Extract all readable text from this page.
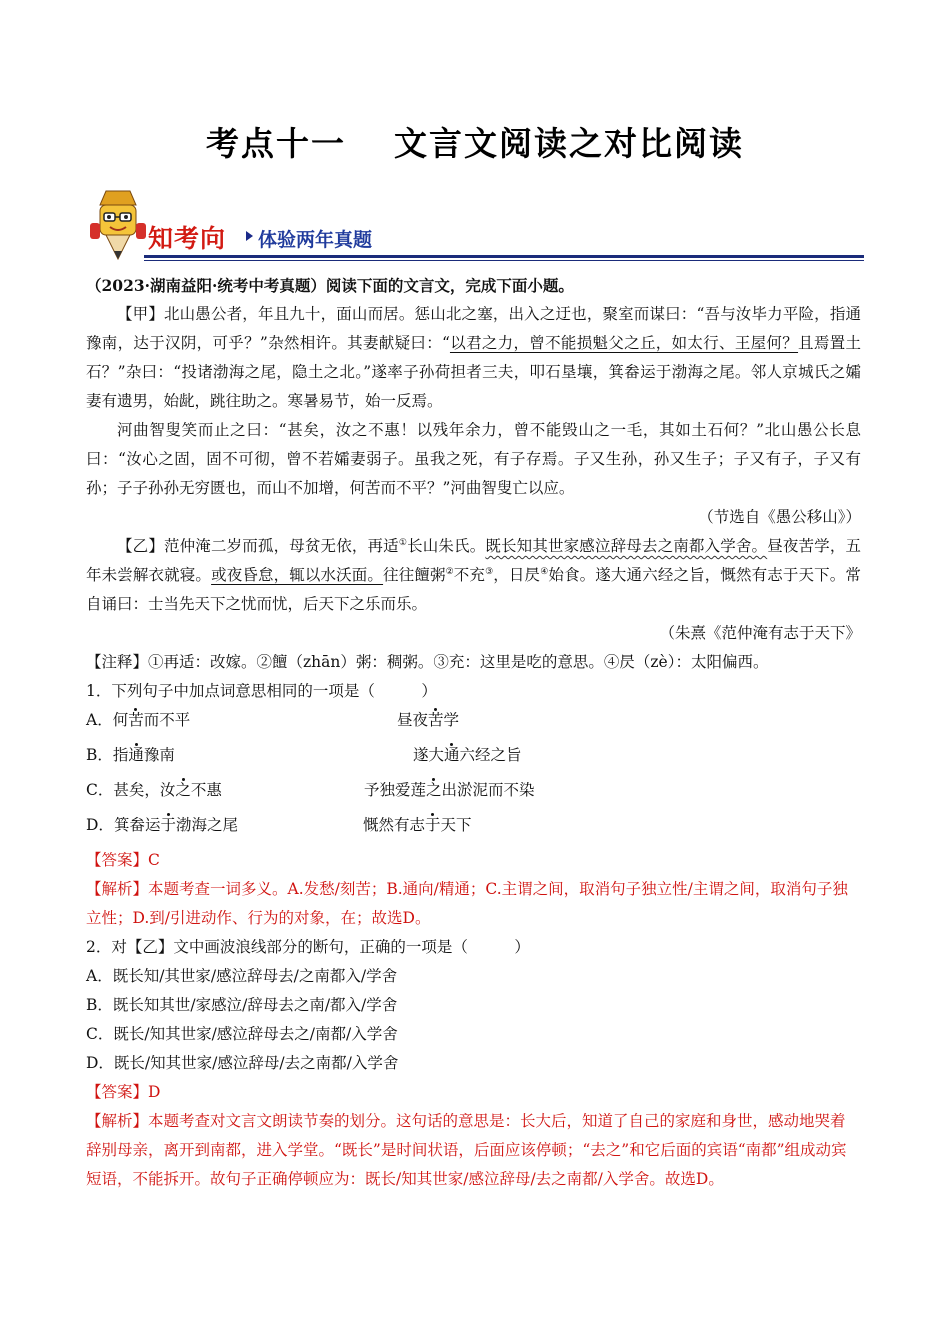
考点十一 文言文阅读之对比阅读
知考向 体验两年真题

（2023·湖南益阳·统考中考真题）阅读下面的文言文，完成下面小题。

【甲】北山愚公者，年且九十，面山而居。惩山北之塞，出入之迂也，聚室而谋曰：“吾与汝毕力平险，指通豫南，达于汉阴，可乎？”杂然相许。其妻献疑曰：“以君之力，曾不能损魁父之丘，如太行、王屋何？且焉置土石？”杂曰：“投诸渤海之尾，隐土之北。”遂率子孙荷担者三夫，叩石垦壤，箕畚运于渤海之尾。邻人京城氏之孀妻有遗男，始龀，跳往助之。寒暑易节，始一反焉。

河曲智叟笑而止之曰：“甚矣，汝之不惠！以残年余力，曾不能毁山之一毛，其如土石何？”北山愚公长息曰：“汝心之固，固不可彻，曾不若孀妻弱子。虽我之死，有子存焉。子又生孙，孙又生子；子又有子，子又有孙；子子孙孙无穷匮也，而山不加增，何苦而不平？”河曲智叟亡以应。

（节选自《愚公移山》）

【乙】范仲淹二岁而孤，母贫无依，再适①长山朱氏。既长知其世家感泣辞母去之南都入学舍。昼夜苦学，五年未尝解衣就寝。或夜昏怠，辄以水沃面。往往饘粥②不充③，日昃④始食。遂大通六经之旨，慨然有志于天下。常自诵曰：士当先天下之忧而忧，后天下之乐而乐。

（朱熹《范仲淹有志于天下》

【注释】①再适：改嫁。②饘（zhān）粥：稠粥。③充：这里是吃的意思。④昃（zè）：太阳偏西。

1．下列句子中加点词意思相同的一项是（　　　）

A．何苦而不平	昼夜苦学
B．指通豫南	遂大通六经之旨
C．甚矣，汝之不惠	予独爱莲之出淤泥而不染
D．箕畚运于渤海之尾	慨然有志于天下

【答案】C

【解析】本题考查一词多义。A.发愁/刻苦；B.通向/精通；C.主谓之间，取消句子独立性/主谓之间，取消句子独立性；D.到/引进动作、行为的对象，在；故选D。

2．对【乙】文中画波浪线部分的断句，正确的一项是（　　　）

A．既长知/其世家/感泣辞母去/之南都入/学舍

B．既长知其世/家感泣/辞母去之南/都入/学舍

C．既长/知其世家/感泣辞母去之/南都/入学舍

D．既长/知其世家/感泣辞母/去之南都/入学舍

【答案】D

【解析】本题考查对文言文朗读节奏的划分。这句话的意思是：长大后，知道了自己的家庭和身世，感动地哭着辞别母亲，离开到南都，进入学堂。“既长”是时间状语，后面应该停顿；“去之”和它后面的宾语“南都”组成动宾短语，不能拆开。故句子正确停顿应为：既长/知其世家/感泣辞母/去之南都/入学舍。故选D。
